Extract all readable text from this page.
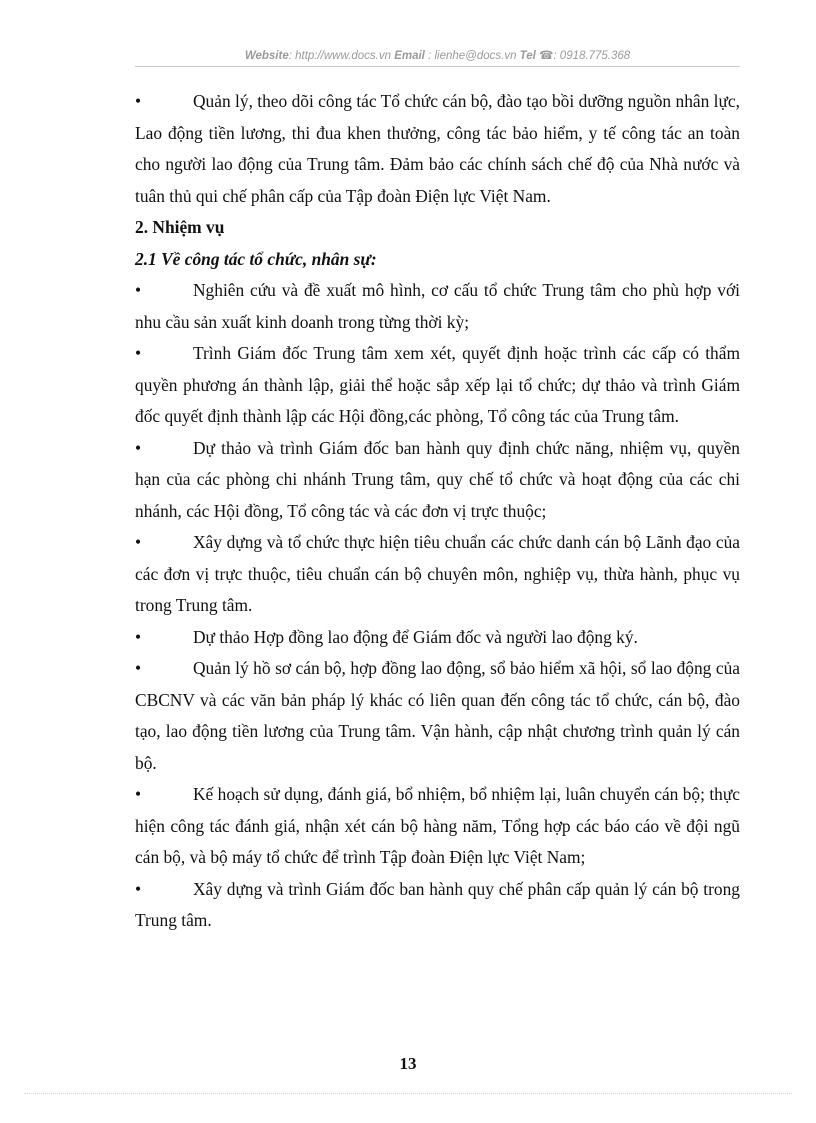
Website: http://www.docs.vn Email : lienhe@docs.vn Tel ☎: 0918.775.368

•	Quản lý, theo dõi công tác Tổ chức cán bộ, đào tạo bồi dưỡng nguồn nhân lực, Lao động tiền lương, thi đua khen thưởng, công tác bảo hiểm, y tế công tác an toàn cho người lao động của Trung tâm. Đảm bảo các chính sách chế độ của Nhà nước và tuân thủ qui chế phân cấp của Tập đoàn Điện lực Việt Nam.

2. Nhiệm vụ

2.1 Về công tác tổ chức, nhân sự:

•	Nghiên cứu và đề xuất mô hình, cơ cấu tổ chức Trung tâm cho phù hợp với nhu cầu sản xuất kinh doanh trong từng thời kỳ;

•	Trình Giám đốc Trung tâm xem xét, quyết định hoặc trình các cấp có thẩm quyền phương án thành lập, giải thể hoặc sắp xếp lại tổ chức; dự thảo và trình Giám đốc quyết định thành lập các Hội đồng,các phòng, Tổ công tác của Trung tâm.

•	Dự thảo và trình Giám đốc ban hành quy định chức năng, nhiệm vụ, quyền hạn của các phòng chi nhánh Trung tâm, quy chế tổ chức và hoạt động của các chi nhánh, các Hội đồng, Tổ công tác và các đơn vị trực thuộc;

•	Xây dựng và tổ chức thực hiện tiêu chuẩn các chức danh cán bộ Lãnh đạo của các đơn vị trực thuộc, tiêu chuẩn cán bộ chuyên môn, nghiệp vụ, thừa hành, phục vụ trong Trung tâm.

•	Dự thảo Hợp đồng lao động để Giám đốc và người lao động ký.

•	Quản lý hồ sơ cán bộ, hợp đồng lao động, sổ bảo hiểm xã hội, sổ lao động của CBCNV và các văn bản pháp lý khác có liên quan đến công tác tổ chức, cán bộ, đào tạo, lao động tiền lương của Trung tâm. Vận hành, cập nhật chương trình quản lý cán bộ.

•	Kế hoạch sử dụng, đánh giá, bổ nhiệm, bổ nhiệm lại, luân chuyển cán bộ; thực hiện công tác đánh giá, nhận xét cán bộ hàng năm, Tổng hợp các báo cáo về đội ngũ cán bộ, và bộ máy tổ chức để trình Tập đoàn Điện lực Việt Nam;

•	Xây dựng và trình Giám đốc ban hành quy chế phân cấp quản lý cán bộ trong Trung tâm.

13
